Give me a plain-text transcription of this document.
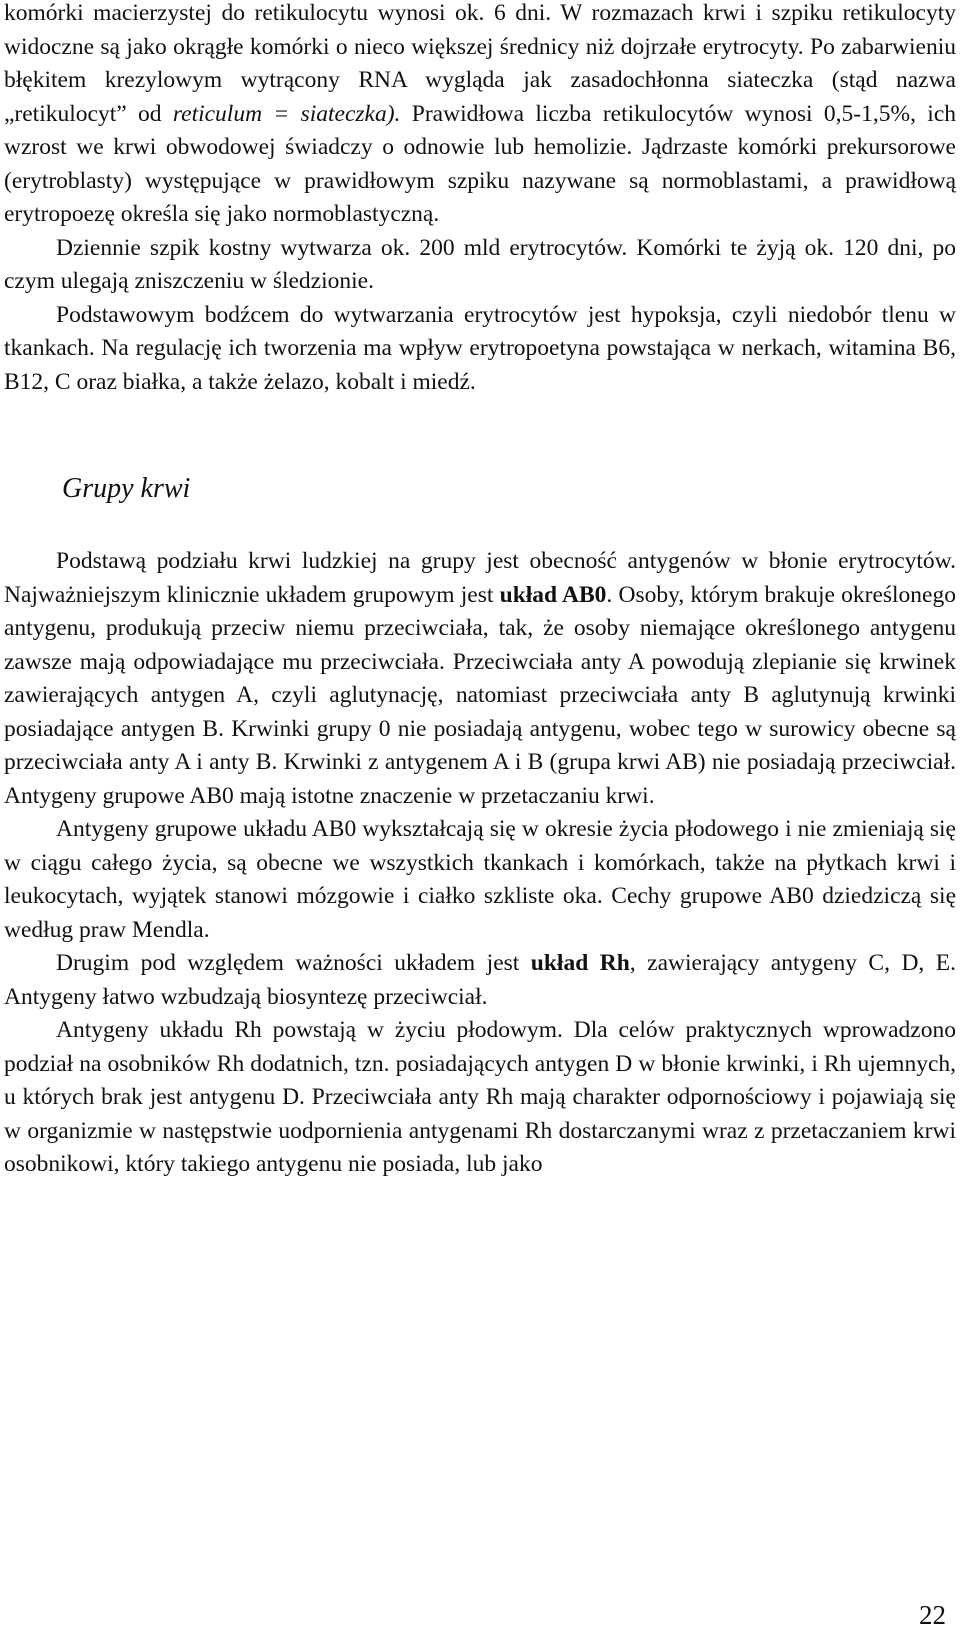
komórki macierzystej do retikulocytu wynosi ok. 6 dni. W rozmazach krwi i szpiku retikulocyty widoczne są jako okrągłe komórki o nieco większej średnicy niż dojrzałe erytrocyty. Po zabarwieniu błękitem krezylowym wytrącony RNA wygląda jak zasadochłonna siateczka (stąd nazwa „retikulocyt” od reticulum = siateczka). Prawidłowa liczba retikulocytów wynosi 0,5-1,5%, ich wzrost we krwi obwodowej świadczy o odnowie lub hemolizie. Jądrzaste komórki prekursorowe (erytroblasty) występujące w prawidłowym szpiku nazywane są normoblastami, a prawidłową erytropoezę określa się jako normoblastyczną.

Dziennie szpik kostny wytwarza ok. 200 mld erytrocytów. Komórki te żyją ok. 120 dni, po czym ulegają zniszczeniu w śledzionie.

Podstawowym bodźcem do wytwarzania erytrocytów jest hypoksja, czyli niedobór tlenu w tkankach. Na regulację ich tworzenia ma wpływ erytropoetyna powstająca w nerkach, witamina B6, B12, C oraz białka, a także żelazo, kobalt i miedź.

Grupy krwi

Podstawą podziału krwi ludzkiej na grupy jest obecność antygenów w błonie erytrocytów. Najważniejszym klinicznie układem grupowym jest układ AB0. Osoby, którym brakuje określonego antygenu, produkują przeciw niemu przeciwciała, tak, że osoby niemające określonego antygenu zawsze mają odpowiadające mu przeciwciała. Przeciwciała anty A powodują zlepianie się krwinek zawierających antygen A, czyli aglutynację, natomiast przeciwciała anty B aglutynują krwinki posiadające antygen B. Krwinki grupy 0 nie posiadają antygenu, wobec tego w surowicy obecne są przeciwciała anty A i anty B. Krwinki z antygenem A i B (grupa krwi AB) nie posiadają przeciwciał. Antygeny grupowe AB0 mają istotne znaczenie w przetaczaniu krwi.

Antygeny grupowe układu AB0 wykształcają się w okresie życia płodowego i nie zmieniają się w ciągu całego życia, są obecne we wszystkich tkankach i komórkach, także na płytkach krwi i leukocytach, wyjątek stanowi mózgowie i ciałko szkliste oka. Cechy grupowe AB0 dziedziczą się według praw Mendla.

Drugim pod względem ważności układem jest układ Rh, zawierający antygeny C, D, E. Antygeny łatwo wzbudzają biosyntezę przeciwciał.

Antygeny układu Rh powstają w życiu płodowym. Dla celów praktycznych wprowadzono podział na osobników Rh dodatnich, tzn. posiadających antygen D w błonie krwinki, i Rh ujemnych, u których brak jest antygenu D. Przeciwciała anty Rh mają charakter odpornościowy i pojawiają się w organizmie w następstwie uodpornienia antygenami Rh dostarczanymi wraz z przetaczaniem krwi osobnikowi, który takiego antygenu nie posiada, lub jako

22
